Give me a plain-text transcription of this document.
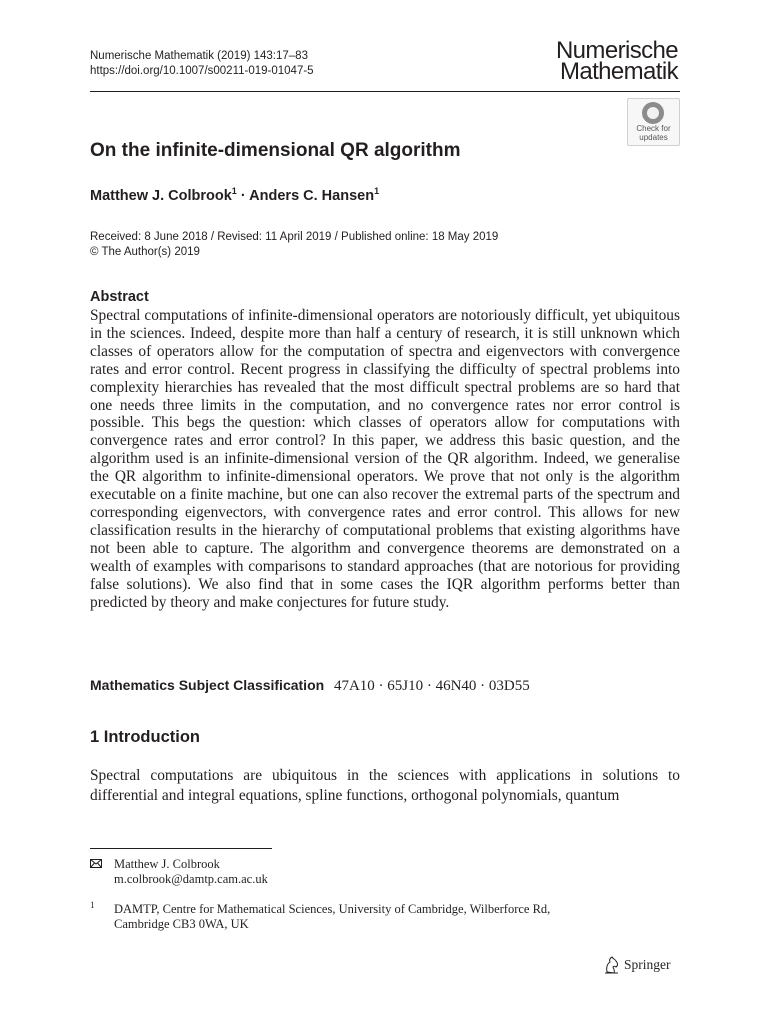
Numerische Mathematik (2019) 143:17–83
https://doi.org/10.1007/s00211-019-01047-5
Numerische
Mathematik
Check for
updates
On the infinite-dimensional QR algorithm
Matthew J. Colbrook$^1$ · Anders C. Hansen$^1$
Received: 8 June 2018 / Revised: 11 April 2019 / Published online: 18 May 2019
© The Author(s) 2019
Abstract

Spectral computations of infinite-dimensional operators are notoriously difficult, yet ubiquitous in the sciences. Indeed, despite more than half a century of research, it is still unknown which classes of operators allow for the computation of spectra and eigenvectors with convergence rates and error control. Recent progress in classifying the difficulty of spectral problems into complexity hierarchies has revealed that the most difficult spectral problems are so hard that one needs three limits in the computation, and no convergence rates nor error control is possible. This begs the question: which classes of operators allow for computations with convergence rates and error control? In this paper, we address this basic question, and the algorithm used is an infinite-dimensional version of the QR algorithm. Indeed, we generalise the QR algorithm to infinite-dimensional operators. We prove that not only is the algorithm executable on a finite machine, but one can also recover the extremal parts of the spectrum and corresponding eigenvectors, with convergence rates and error control. This allows for new classification results in the hierarchy of computational problems that existing algorithms have not been able to capture. The algorithm and convergence theorems are demonstrated on a wealth of examples with comparisons to standard approaches (that are notorious for providing false solutions). We also find that in some cases the IQR algorithm performs better than predicted by theory and make conjectures for future study.

Mathematics Subject Classification 47A10 · 65J10 · 46N40 · 03D55
1 Introduction

Spectral computations are ubiquitous in the sciences with applications in solutions to differential and integral equations, spline functions, orthogonal polynomials, quantum

Matthew J. Colbrook
m.colbrook@damtp.cam.ac.uk
1 DAMTP, Centre for Mathematical Sciences, University of Cambridge, Wilberforce Rd,
Cambridge CB3 0WA, UK
Springer
